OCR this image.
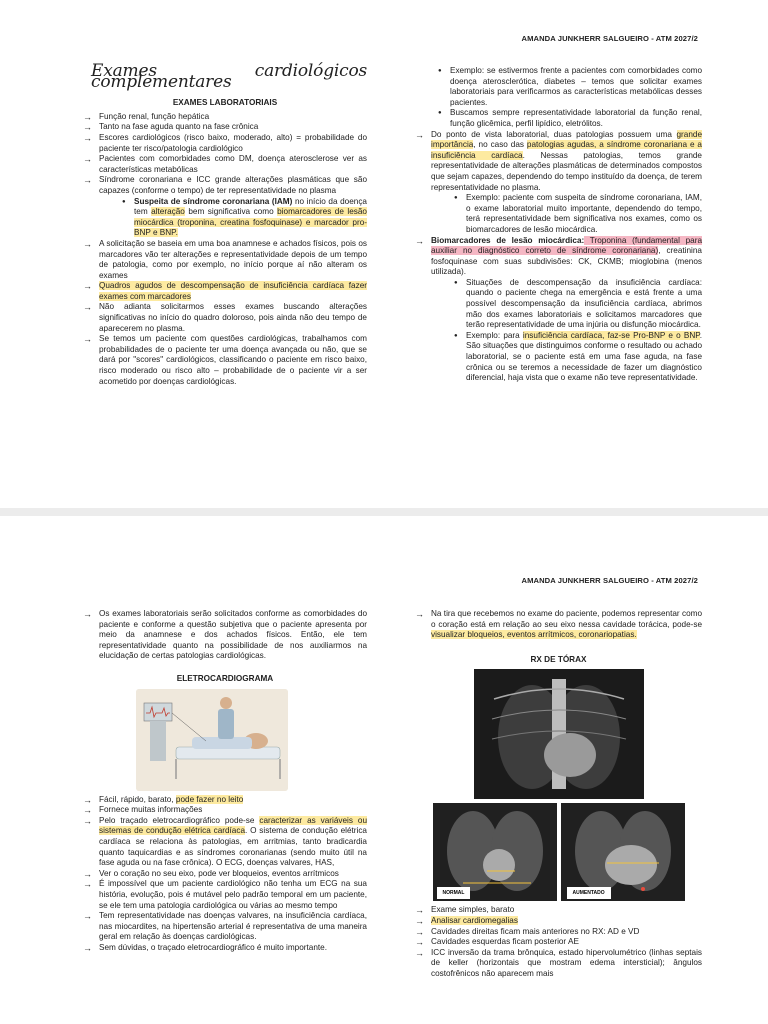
AMANDA JUNKHERR SALGUEIRO - ATM 2027/2
Exames cardiológicos complementares
EXAMES LABORATORIAIS
→ Função renal, função hepática
→ Tanto na fase aguda quanto na fase crônica
→ Escores cardiológicos (risco baixo, moderado, alto) = probabilidade do paciente ter risco/patologia cardiológico
→ Pacientes com comorbidades como DM, doença aterosclerose ver as características metabólicas
→ Síndrome coronariana e ICC grande alterações plasmáticas que são capazes (conforme o tempo) de ter representatividade no plasma
● Suspeita de síndrome coronariana (IAM) no início da doença tem alteração bem significativa como biomarcadores de lesão miocárdica (troponina, creatina fosfoquinase) e marcador pro-BNP e BNP.
→ A solicitação se baseia em uma boa anamnese e achados físicos, pois os marcadores vão ter alterações e representatividade depois de um tempo de patologia, como por exemplo, no início porque aí não alteram os exames
→ Quadros agudos de descompensação de insuficiência cardíaca fazer exames com marcadores
→ Não adianta solicitarmos esses exames buscando alterações significativas no início do quadro doloroso, pois ainda não deu tempo de aparecerem no plasma.
→ Se temos um paciente com questões cardiológicas, trabalhamos com probabilidades de o paciente ter uma doença avançada ou não, que se dará por "scores" cardiológicos, classificando o paciente em risco baixo, risco moderado ou risco alto – probabilidade de o paciente vir a ser acometido por doenças cardiológicas.
● Exemplo: se estivermos frente a pacientes com comorbidades como doença aterosclerótica, diabetes – temos que solicitar exames laboratoriais para verificarmos as características metabólicas desses pacientes.
● Buscamos sempre representatividade laboratorial da função renal, função glicêmica, perfil lipídico, eletrólitos.
→ Do ponto de vista laboratorial, duas patologias possuem uma grande importância, no caso das patologias agudas, a síndrome coronariana e a insuficiência cardíaca. Nessas patologias, temos grande representatividade de alterações plasmáticas de determinados compostos que sejam capazes, dependendo do tempo instituído da doença, de terem representatividade no plasma.
● Exemplo: paciente com suspeita de síndrome coronariana, IAM, o exame laboratorial muito importante, dependendo do tempo, terá representatividade bem significativa nos exames, como os biomarcadores de lesão miocárdica.
→ Biomarcadores de lesão miocárdica: Troponina (fundamental para auxiliar no diagnóstico correto de síndrome coronariana), creatinina fosfoquinase com suas subdivisões: CK, CKMB; mioglobina (menos utilizada).
● Situações de descompensação da insuficiência cardíaca: quando o paciente chega na emergência e está frente a uma possível descompensação da insuficiência cardíaca, abrimos mão dos exames laboratoriais e solicitamos marcadores que terão representatividade de uma injúria ou disfunção miocárdica.
● Exemplo: para insuficiência cardíaca, faz-se Pro-BNP e o BNP. São situações que distinguimos conforme o resultado ou achado laboratorial, se o paciente está em uma fase aguda, na fase crônica ou se teremos a necessidade de fazer um diagnóstico diferencial, haja vista que o exame não teve representatividade.
AMANDA JUNKHERR SALGUEIRO - ATM 2027/2
→ Os exames laboratoriais serão solicitados conforme as comorbidades do paciente e conforme a questão subjetiva que o paciente apresenta por meio da anamnese e dos achados físicos. Então, ele tem representatividade quanto na possibilidade de nos auxiliarmos na elucidação de certas patologias cardiológicas.
ELETROCARDIOGRAMA
→ Fácil, rápido, barato, pode fazer no leito
→ Fornece muitas informações
→ Pelo traçado eletrocardiográfico pode-se caracterizar as variáveis ou sistemas de condução elétrica cardíaca. O sistema de condução elétrica cardíaca se relaciona às patologias, em arritmias, tanto bradicardia quanto taquicardias e as síndromes coronarianas (sendo muito útil na fase aguda ou na fase crônica). O ECG, doenças valvares, HAS,
→ Ver o coração no seu eixo, pode ver bloqueios, eventos arrítmicos
→ É impossível que um paciente cardiológico não tenha um ECG na sua história, evolução, pois é mutável pelo padrão temporal em um paciente, se ele tem uma patologia cardiológica ou várias ao mesmo tempo
→ Tem representatividade nas doenças valvares, na insuficiência cardíaca, nas miocardites, na hipertensão arterial é representativa de uma maneira geral em relação às doenças cardiológicas.
→ Sem dúvidas, o traçado eletrocardiográfico é muito importante.
→ Na tira que recebemos no exame do paciente, podemos representar como o coração está em relação ao seu eixo nessa cavidade torácica, pode-se visualizar bloqueios, eventos arrítmicos, coronariopatias.
RX DE TÓRAX
NORMAL	AUMENTADO
→ Exame simples, barato
→ Analisar cardiomegalias
→ Cavidades direitas ficam mais anteriores no RX: AD e VD
→ Cavidades esquerdas ficam posterior AE
→ ICC inversão da trama brônquica, estado hipervolumétrico (linhas septais de keller (horizontais que mostram edema intersticial); ângulos costofrênicos não aparecem mais
